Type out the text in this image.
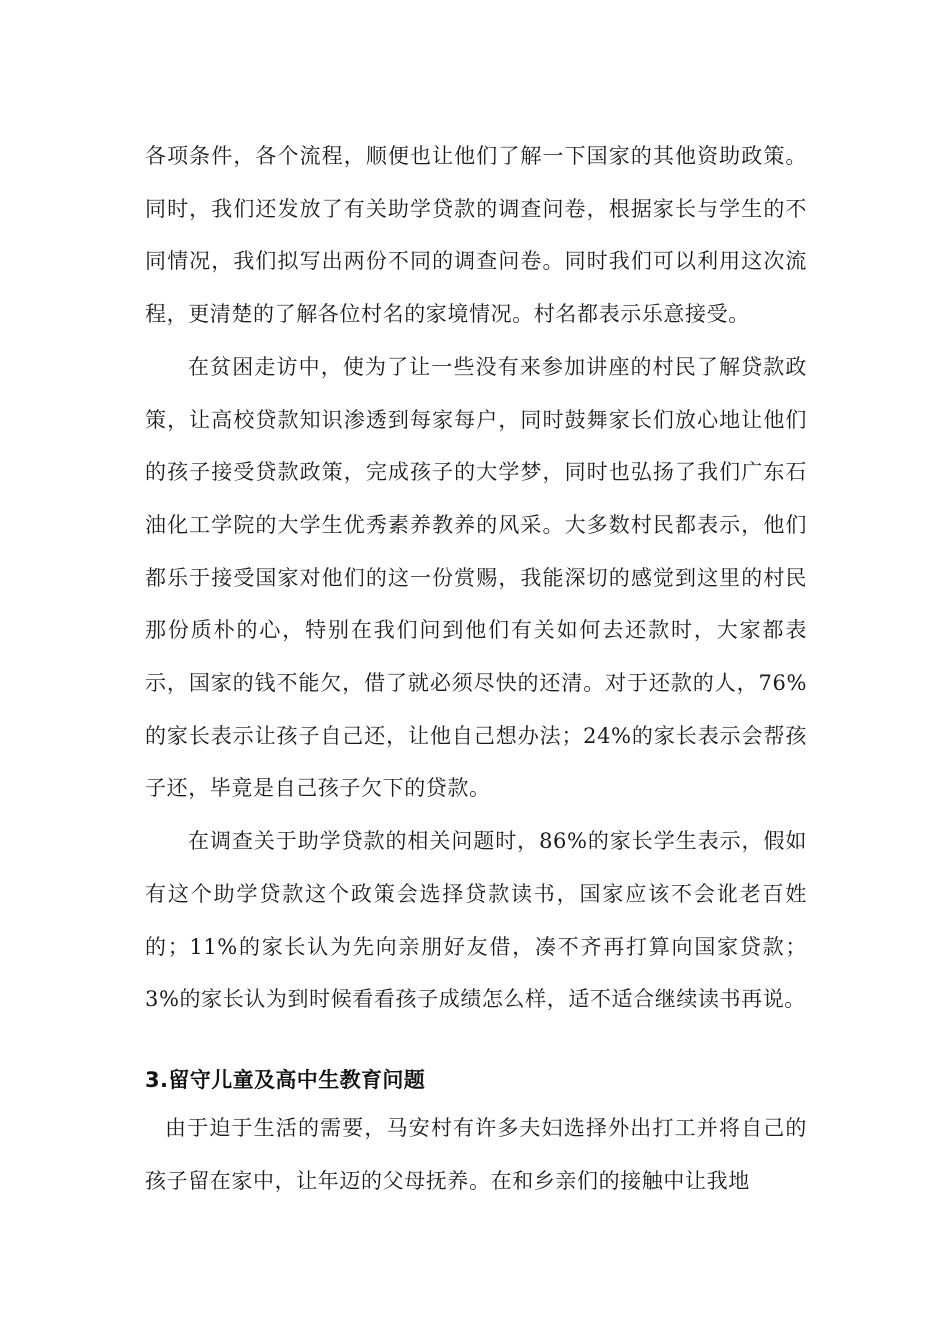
各项条件，各个流程，顺便也让他们了解一下国家的其他资助政策。同时，我们还发放了有关助学贷款的调查问卷，根据家长与学生的不同情况，我们拟写出两份不同的调查问卷。同时我们可以利用这次流程，更清楚的了解各位村名的家境情况。村名都表示乐意接受。

在贫困走访中，使为了让一些没有来参加讲座的村民了解贷款政策，让高校贷款知识渗透到每家每户，同时鼓舞家长们放心地让他们的孩子接受贷款政策，完成孩子的大学梦，同时也弘扬了我们广东石油化工学院的大学生优秀素养教养的风采。大多数村民都表示，他们都乐于接受国家对他们的这一份赏赐，我能深切的感觉到这里的村民那份质朴的心，特别在我们问到他们有关如何去还款时，大家都表示，国家的钱不能欠，借了就必须尽快的还清。对于还款的人，76%的家长表示让孩子自己还，让他自己想办法；24%的家长表示会帮孩子还，毕竟是自己孩子欠下的贷款。

在调查关于助学贷款的相关问题时，86%的家长学生表示，假如有这个助学贷款这个政策会选择贷款读书，国家应该不会讹老百姓的；11%的家长认为先向亲朋好友借，凑不齐再打算向国家贷款；3%的家长认为到时候看看孩子成绩怎么样，适不适合继续读书再说。

3.留守儿童及高中生教育问题

由于迫于生活的需要，马安村有许多夫妇选择外出打工并将自己的孩子留在家中，让年迈的父母抚养。在和乡亲们的接触中让我地
